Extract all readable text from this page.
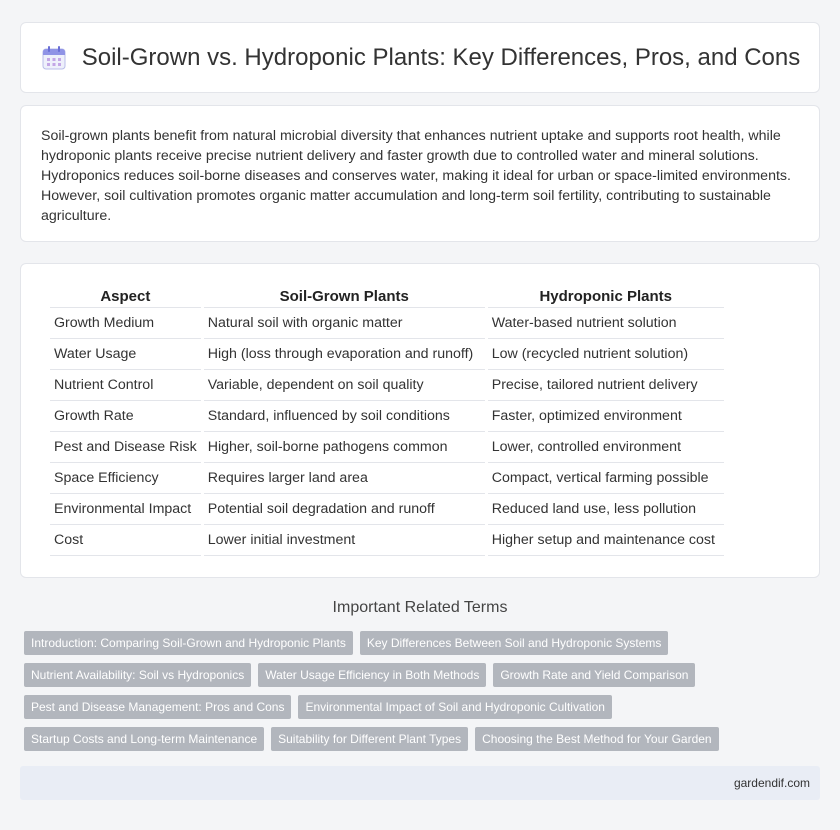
Soil-Grown vs. Hydroponic Plants: Key Differences, Pros, and Cons

Soil-grown plants benefit from natural microbial diversity that enhances nutrient uptake and supports root health, while hydroponic plants receive precise nutrient delivery and faster growth due to controlled water and mineral solutions. Hydroponics reduces soil-borne diseases and conserves water, making it ideal for urban or space-limited environments. However, soil cultivation promotes organic matter accumulation and long-term soil fertility, contributing to sustainable agriculture.

Aspect	Soil-Grown Plants	Hydroponic Plants
Growth Medium	Natural soil with organic matter	Water-based nutrient solution
Water Usage	High (loss through evaporation and runoff)	Low (recycled nutrient solution)
Nutrient Control	Variable, dependent on soil quality	Precise, tailored nutrient delivery
Growth Rate	Standard, influenced by soil conditions	Faster, optimized environment
Pest and Disease Risk	Higher, soil-borne pathogens common	Lower, controlled environment
Space Efficiency	Requires larger land area	Compact, vertical farming possible
Environmental Impact	Potential soil degradation and runoff	Reduced land use, less pollution
Cost	Lower initial investment	Higher setup and maintenance cost
Important Related Terms
Introduction: Comparing Soil-Grown and Hydroponic Plants	Key Differences Between Soil and Hydroponic Systems
Nutrient Availability: Soil vs Hydroponics	Water Usage Efficiency in Both Methods	Growth Rate and Yield Comparison
Pest and Disease Management: Pros and Cons	Environmental Impact of Soil and Hydroponic Cultivation
Startup Costs and Long-term Maintenance	Suitability for Different Plant Types	Choosing the Best Method for Your Garden
gardendif.com
